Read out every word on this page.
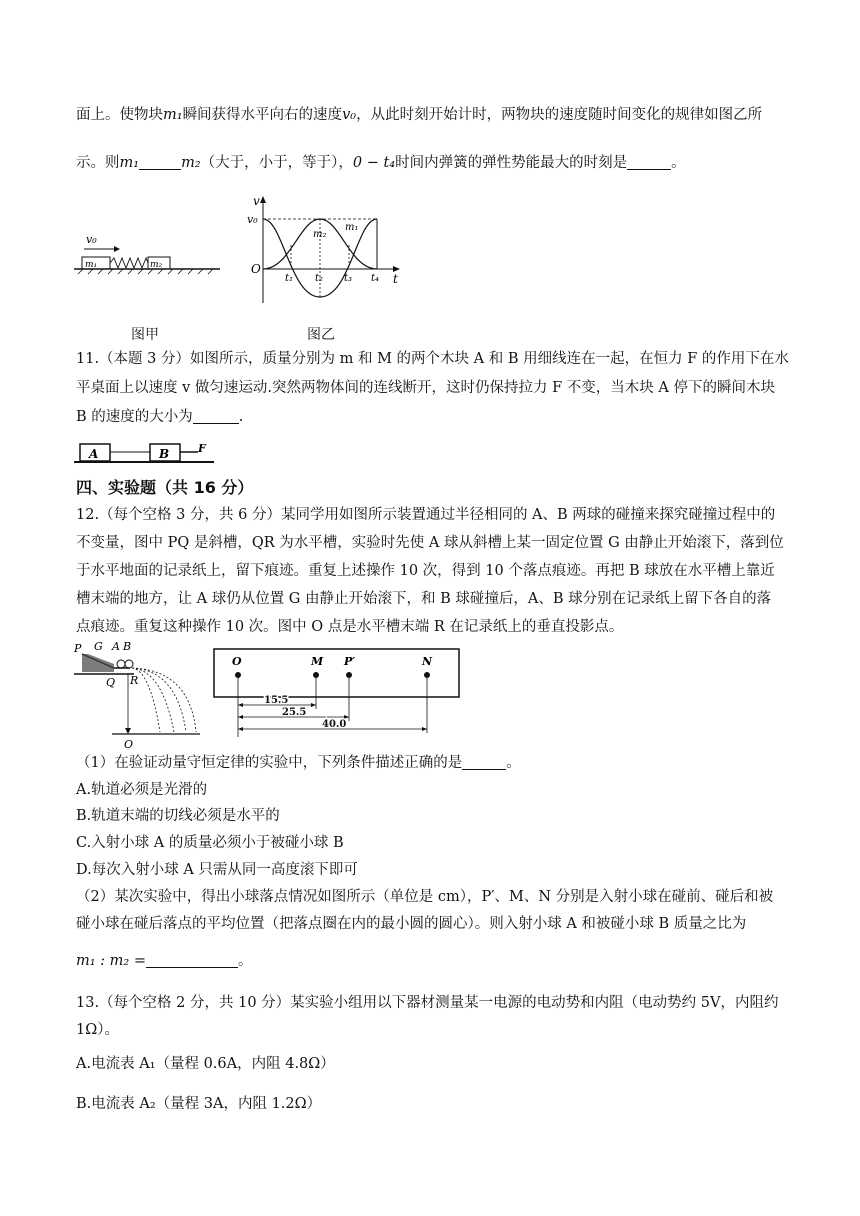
面上。使物块m₁瞬间获得水平向右的速度v₀，从此时刻开始计时，两物块的速度随时间变化的规律如图乙所
示。则m₁	m₂（大于，小于，等于），0 − t₄时间内弹簧的弹性势能最大的时刻是	。
v₀
m₁	m₂
v
t
O
v₀
m₂
m₁
t₁ t₂ t₃ t₄
图甲	图乙
11.（本题 3 分）如图所示，质量分别为 m 和 M 的两个木块 A 和 B 用细线连在一起，在恒力 F 的作用下在水
平桌面上以速度 v 做匀速运动.突然两物体间的连线断开，这时仍保持拉力 F 不变，当木块 A 停下的瞬间木块
B 的速度的大小为	.
A	B	F
四、实验题（共 16 分）
12.（每个空格 3 分，共 6 分）某同学用如图所示装置通过半径相同的 A、B 两球的碰撞来探究碰撞过程中的
不变量，图中 PQ 是斜槽，QR 为水平槽，实验时先使 A 球从斜槽上某一固定位置 G 由静止开始滚下，落到位
于水平地面的记录纸上，留下痕迹。重复上述操作 10 次，得到 10 个落点痕迹。再把 B 球放在水平槽上靠近
槽末端的地方，让 A 球仍从位置 G 由静止开始滚下，和 B 球碰撞后，A、B 球分别在记录纸上留下各自的落
点痕迹。重复这种操作 10 次。图中 O 点是水平槽末端 R 在记录纸上的垂直投影点。
P G A B
Q R
O
O	M P′	N
15.5
25.5
40.0
（1）在验证动量守恒定律的实验中，下列条件描述正确的是	。
A.轨道必须是光滑的
B.轨道末端的切线必须是水平的
C.入射小球 A 的质量必须小于被碰小球 B
D.每次入射小球 A 只需从同一高度滚下即可
（2）某次实验中，得出小球落点情况如图所示（单位是 cm），P′、M、N 分别是入射小球在碰前、碰后和被
碰小球在碰后落点的平均位置（把落点圈在内的最小圆的圆心）。则入射小球 A 和被碰小球 B 质量之比为
m₁ : m₂ =	。
13.（每个空格 2 分，共 10 分）某实验小组用以下器材测量某一电源的电动势和内阻（电动势约 5V，内阻约
1Ω）。
A.电流表 A₁（量程 0.6A，内阻 4.8Ω）
B.电流表 A₂（量程 3A，内阻 1.2Ω）
